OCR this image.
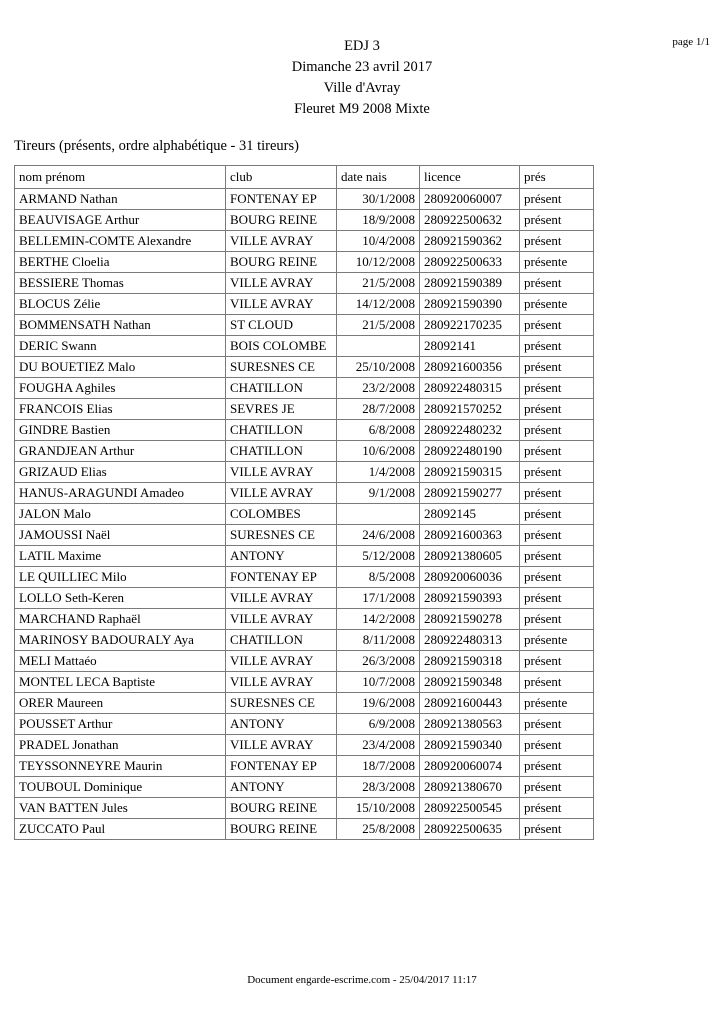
page 1/1
EDJ 3
Dimanche 23 avril 2017
Ville d'Avray
Fleuret M9 2008 Mixte
Tireurs (présents, ordre alphabétique - 31 tireurs)
nom prénom	club	date nais	licence	prés
ARMAND Nathan	FONTENAY EP	30/1/2008	280920060007	présent
BEAUVISAGE Arthur	BOURG REINE	18/9/2008	280922500632	présent
BELLEMIN-COMTE Alexandre	VILLE AVRAY	10/4/2008	280921590362	présent
BERTHE Cloelia	BOURG REINE	10/12/2008	280922500633	présente
BESSIERE Thomas	VILLE AVRAY	21/5/2008	280921590389	présent
BLOCUS Zélie	VILLE AVRAY	14/12/2008	280921590390	présente
BOMMENSATH Nathan	ST CLOUD	21/5/2008	280922170235	présent
DERIC Swann	BOIS COLOMBE		28092141	présent
DU BOUETIEZ Malo	SURESNES CE	25/10/2008	280921600356	présent
FOUGHA Aghiles	CHATILLON	23/2/2008	280922480315	présent
FRANCOIS Elias	SEVRES JE	28/7/2008	280921570252	présent
GINDRE Bastien	CHATILLON	6/8/2008	280922480232	présent
GRANDJEAN Arthur	CHATILLON	10/6/2008	280922480190	présent
GRIZAUD Elias	VILLE AVRAY	1/4/2008	280921590315	présent
HANUS-ARAGUNDI Amadeo	VILLE AVRAY	9/1/2008	280921590277	présent
JALON Malo	COLOMBES		28092145	présent
JAMOUSSI Naël	SURESNES CE	24/6/2008	280921600363	présent
LATIL Maxime	ANTONY	5/12/2008	280921380605	présent
LE QUILLIEC Milo	FONTENAY EP	8/5/2008	280920060036	présent
LOLLO Seth-Keren	VILLE AVRAY	17/1/2008	280921590393	présent
MARCHAND Raphaël	VILLE AVRAY	14/2/2008	280921590278	présent
MARINOSY BADOURALY Aya	CHATILLON	8/11/2008	280922480313	présente
MELI Mattaéo	VILLE AVRAY	26/3/2008	280921590318	présent
MONTEL LECA Baptiste	VILLE AVRAY	10/7/2008	280921590348	présent
ORER Maureen	SURESNES CE	19/6/2008	280921600443	présente
POUSSET Arthur	ANTONY	6/9/2008	280921380563	présent
PRADEL Jonathan	VILLE AVRAY	23/4/2008	280921590340	présent
TEYSSONNEYRE Maurin	FONTENAY EP	18/7/2008	280920060074	présent
TOUBOUL Dominique	ANTONY	28/3/2008	280921380670	présent
VAN BATTEN Jules	BOURG REINE	15/10/2008	280922500545	présent
ZUCCATO Paul	BOURG REINE	25/8/2008	280922500635	présent
Document engarde-escrime.com - 25/04/2017 11:17
